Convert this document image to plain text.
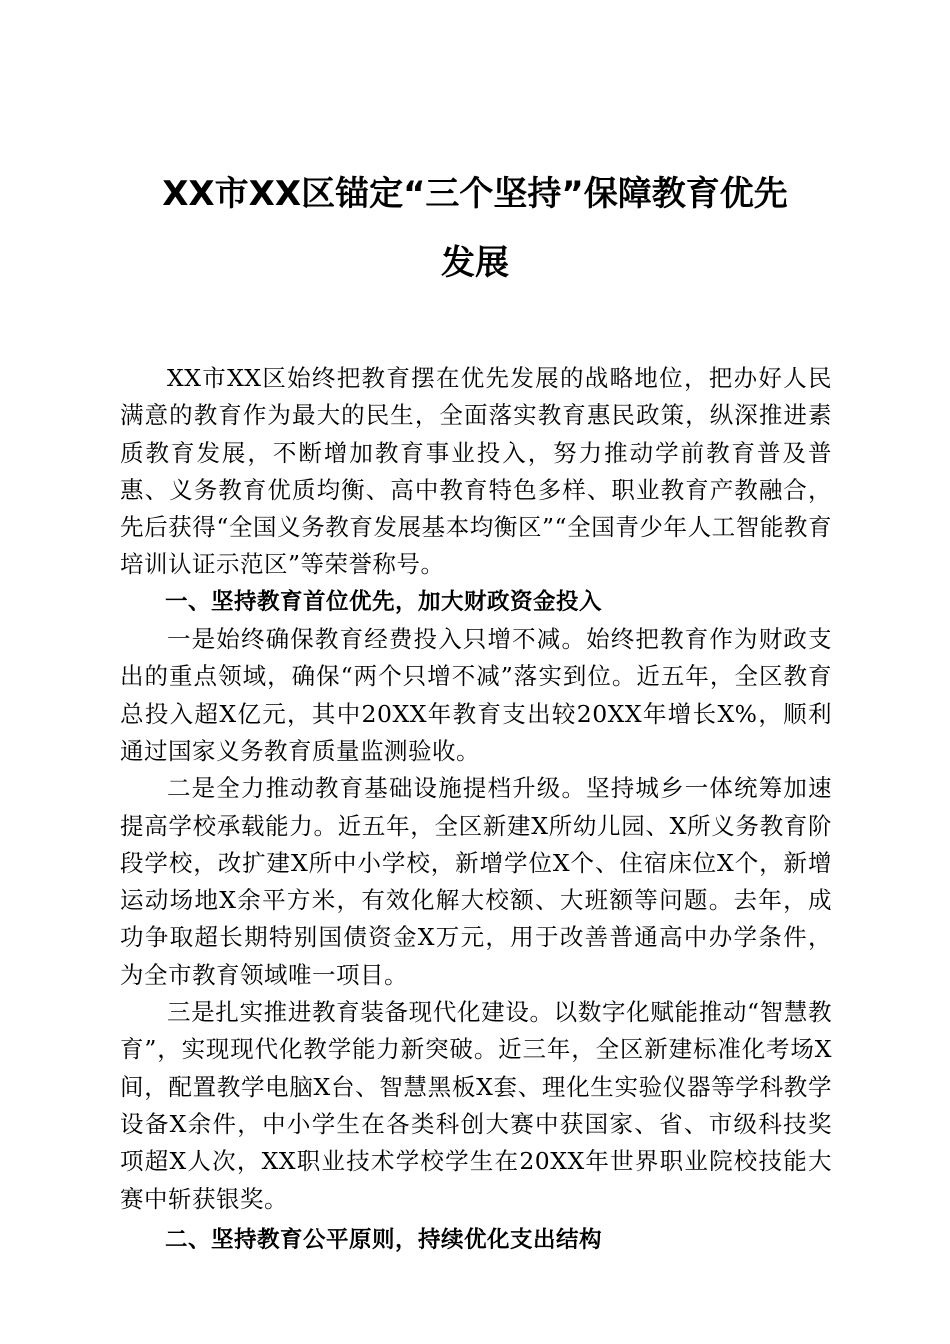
XX市XX区锚定“三个坚持”保障教育优先
发展

XX市XX区始终把教育摆在优先发展的战略地位，把办好人民满意的教育作为最大的民生，全面落实教育惠民政策，纵深推进素质教育发展，不断增加教育事业投入，努力推动学前教育普及普惠、义务教育优质均衡、高中教育特色多样、职业教育产教融合，先后获得“全国义务教育发展基本均衡区”“全国青少年人工智能教育培训认证示范区”等荣誉称号。

一、坚持教育首位优先，加大财政资金投入

一是始终确保教育经费投入只增不减。始终把教育作为财政支出的重点领域，确保“两个只增不减”落实到位。近五年，全区教育总投入超X亿元，其中20XX年教育支出较20XX年增长X%，顺利通过国家义务教育质量监测验收。

二是全力推动教育基础设施提档升级。坚持城乡一体统筹加速提高学校承载能力。近五年，全区新建X所幼儿园、X所义务教育阶段学校，改扩建X所中小学校，新增学位X个、住宿床位X个，新增运动场地X余平方米，有效化解大校额、大班额等问题。去年，成功争取超长期特别国债资金X万元，用于改善普通高中办学条件，为全市教育领域唯一项目。

三是扎实推进教育装备现代化建设。以数字化赋能推动“智慧教育”，实现现代化教学能力新突破。近三年，全区新建标准化考场X间，配置教学电脑X台、智慧黑板X套、理化生实验仪器等学科教学设备X余件，中小学生在各类科创大赛中获国家、省、市级科技奖项超X人次，XX职业技术学校学生在20XX年世界职业院校技能大赛中斩获银奖。

二、坚持教育公平原则，持续优化支出结构
